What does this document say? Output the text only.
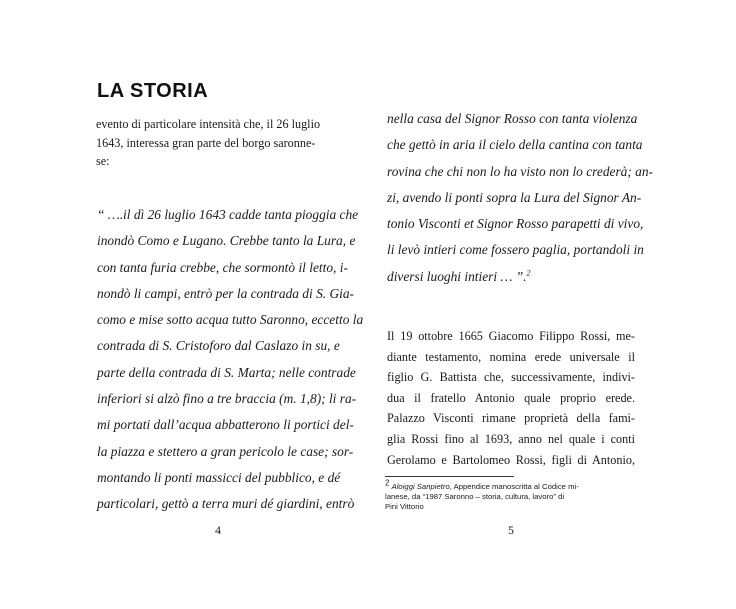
LA STORIA
evento di particolare intensità che, il 26 luglio
1643, interessa gran parte del borgo saronne-
se:
“ ….il dì 26 luglio 1643 cadde tanta pioggia che
inondò Como e Lugano. Crebbe tanto la Lura, e
con tanta furia crebbe, che sormontò il letto, i-
nondò li campi, entrò per la contrada di S. Gia-
como e mise sotto acqua tutto Saronno, eccetto la
contrada di S. Cristoforo dal Caslazo in su, e
parte della contrada di S. Marta; nelle contrade
inferiori si alzò fino a tre braccia (m. 1,8); li ra-
mi portati dall’acqua abbatterono li portici del-
la piazza e stettero a gran pericolo le case; sor-
montando li ponti massicci del pubblico, e dé
particolari, gettò a terra muri dé giardini, entrò
4
nella casa del Signor Rosso con tanta violenza
che gettò in aria il cielo della cantina con tanta
rovina che chi non lo ha visto non lo crederà; an-
zi, avendo li ponti sopra la Lura del Signor An-
tonio Visconti et Signor Rosso parapetti di vivo,
li levò intieri come fossero paglia, portandoli in
diversi luoghi intieri … ”.$^2$
Il 19 ottobre 1665 Giacomo Filippo Rossi, me-
diante testamento, nomina erede universale il
figlio G. Battista che, successivamente, indivi-
dua il fratello Antonio quale proprio erede.
Palazzo Visconti rimane proprietà della fami-
glia Rossi fino al 1693, anno nel quale i conti
Gerolamo e Bartolomeo Rossi, figli di Antonio,
5
$^2$ Aloiggi Sanpietro, Appendice manoscritta al Codice mi-
lanese, da “1987 Saronno – storia, cultura, lavoro” di
Pini Vittorio
